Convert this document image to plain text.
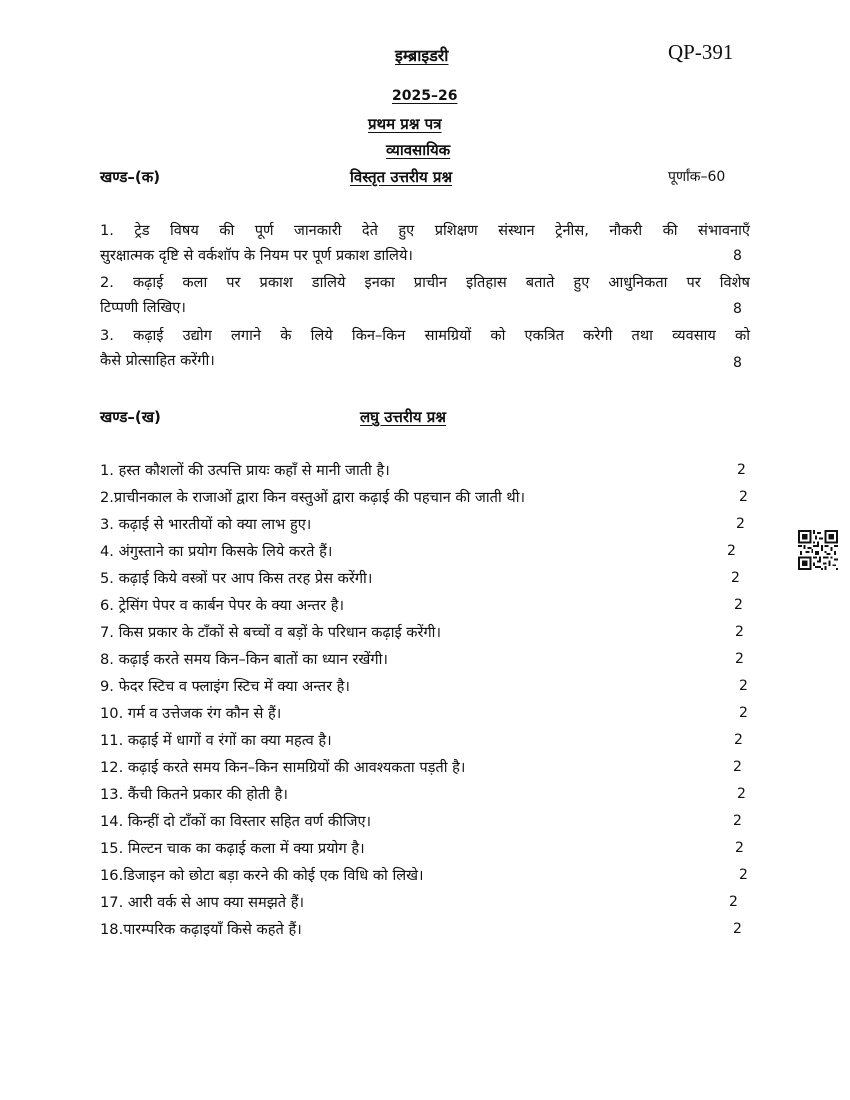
इम्ब्राइडरी	QP-391
2025–26
प्रथम प्रश्न पत्र
व्यावसायिक
खण्ड–(क)	विस्तृत उत्तरीय प्रश्न	पूर्णांक–60
1. ट्रेड विषय की पूर्ण जानकारी देते हुए प्रशिक्षण संस्थान ट्रेनीस, नौकरी की संभावनाएँ
सुरक्षात्मक दृष्टि से वर्कशॉप के नियम पर पूर्ण प्रकाश डालिये।	8
2. कढ़ाई कला पर प्रकाश डालिये इनका प्राचीन इतिहास बताते हुए आधुनिकता पर विशेष
टिप्पणी लिखिए।	8
3. कढ़ाई उद्योग लगाने के लिये किन–किन सामग्रियों को एकत्रित करेगी तथा व्यवसाय को
कैसे प्रोत्साहित करेंगी।	8
खण्ड–(ख)	लघु उत्तरीय प्रश्न
1. हस्त कौशलों की उत्पत्ति प्रायः कहाँ से मानी जाती है।	2
2.प्राचीनकाल के राजाओं द्वारा किन वस्तुओं द्वारा कढ़ाई की पहचान की जाती थी।	2
3. कढ़ाई से भारतीयों को क्या लाभ हुए।	2
4. अंगुस्ताने का प्रयोग किसके लिये करते हैं।	2
5. कढ़ाई किये वस्त्रों पर आप किस तरह प्रेस करेंगी।	2
6. ट्रेसिंग पेपर व कार्बन पेपर के क्या अन्तर है।	2
7. किस प्रकार के टाँकों से बच्चों व बड़ों के परिधान कढ़ाई करेंगी।	2
8. कढ़ाई करते समय किन–किन बातों का ध्यान रखेंगी।	2
9. फेदर स्टिच व फ्लाइंग स्टिच में क्या अन्तर है।	2
10. गर्म व उत्तेजक रंग कौन से हैं।	2
11. कढ़ाई में धागों व रंगों का क्या महत्व है।	2
12. कढ़ाई करते समय किन–किन सामग्रियों की आवश्यकता पड़ती है।	2
13. कैंची कितने प्रकार की होती है।	2
14. किन्हीं दो टाँकों का विस्तार सहित वर्ण कीजिए।	2
15. मिल्टन चाक का कढ़ाई कला में क्या प्रयोग है।	2
16.डिजाइन को छोटा बड़ा करने की कोई एक विधि को लिखे।	2
17. आरी वर्क से आप क्या समझते हैं।	2
18.पारम्परिक कढ़ाइयाँ किसे कहते हैं।	2
